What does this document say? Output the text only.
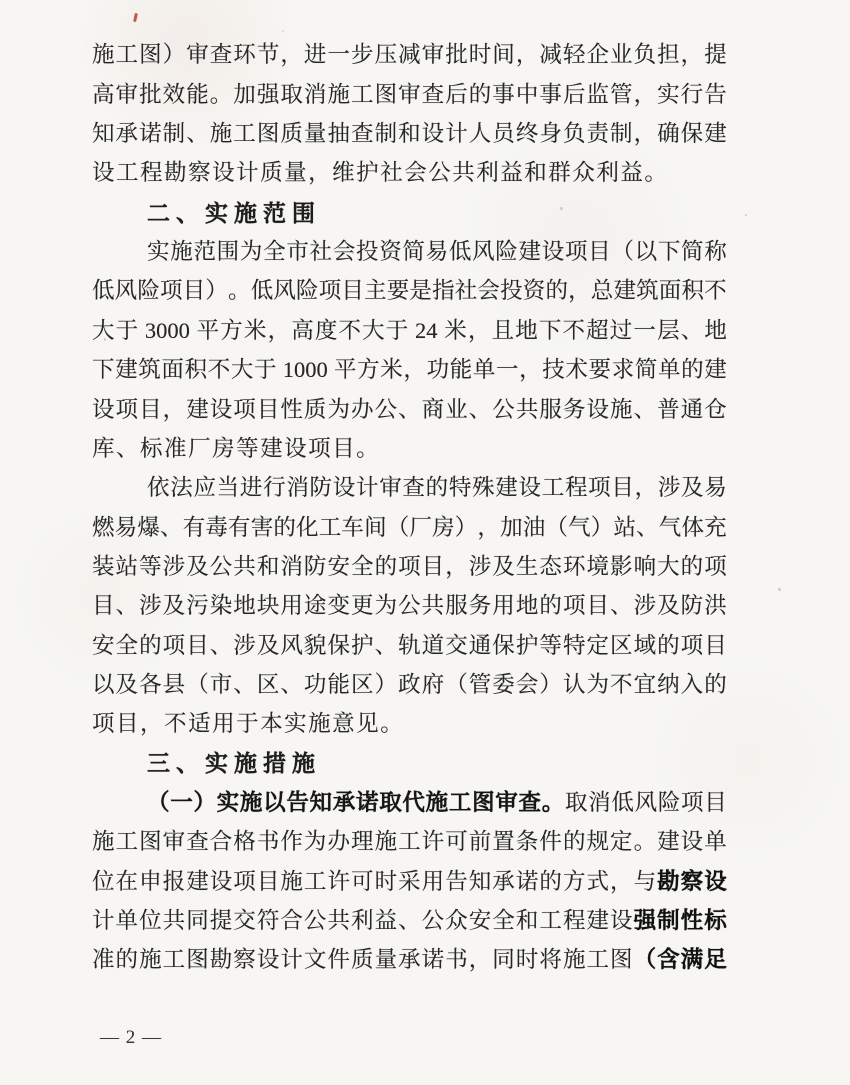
施 工 图 ） 审 查 环 节 ， 进 一 步 压 减 审 批 时 间 ， 减 轻 企 业 负 担 ， 提
高 审 批 效 能 。 加 强 取 消 施 工 图 审 查 后 的 事 中 事 后 监 管 ， 实 行 告
知 承 诺 制 、 施 工 图 质 量 抽 查 制 和 设 计 人 员 终 身 负 责 制 ， 确 保 建
设 工 程 勘 察 设 计 质 量 ， 维 护 社 会 公 共 利 益 和 群 众 利 益 。
二 、 实 施 范 围
实 施 范 围 为 全 市 社 会 投 资 简 易 低 风 险 建 设 项 目 （ 以 下 简 称
低 风 险 项 目 ） 。 低 风 险 项 目 主 要 是 指 社 会 投 资 的 ， 总 建 筑 面 积 不
大 于 3000 平 方 米 ， 高 度 不 大 于 24 米 ， 且 地 下 不 超 过 一 层 、 地
下 建 筑 面 积 不 大 于 1000 平 方 米 ， 功 能 单 一 ， 技 术 要 求 简 单 的 建
设 项 目 ， 建 设 项 目 性 质 为 办 公 、 商 业 、 公 共 服 务 设 施 、 普 通 仓
库 、 标 准 厂 房 等 建 设 项 目 。
依 法 应 当 进 行 消 防 设 计 审 查 的 特 殊 建 设 工 程 项 目 ， 涉 及 易
燃 易 爆 、 有 毒 有 害 的 化 工 车 间 （ 厂 房 ） ， 加 油 （ 气 ） 站 、 气 体 充
装 站 等 涉 及 公 共 和 消 防 安 全 的 项 目 ， 涉 及 生 态 环 境 影 响 大 的 项
目 、 涉 及 污 染 地 块 用 途 变 更 为 公 共 服 务 用 地 的 项 目 、 涉 及 防 洪
安 全 的 项 目 、 涉 及 风 貌 保 护 、 轨 道 交 通 保 护 等 特 定 区 域 的 项 目
以 及 各 县 （ 市 、 区 、 功 能 区 ） 政 府 （ 管 委 会 ） 认 为 不 宜 纳 入 的
项 目 ， 不 适 用 于 本 实 施 意 见 。
三 、 实 施 措 施
（ 一 ） 实 施 以 告 知 承 诺 取 代 施 工 图 审 查 。 取 消 低 风 险 项 目
施 工 图 审 查 合 格 书 作 为 办 理 施 工 许 可 前 置 条 件 的 规 定 。 建 设 单
位 在 申 报 建 设 项 目 施 工 许 可 时 采 用 告 知 承 诺 的 方 式 ， 与 勘 察 设
计 单 位 共 同 提 交 符 合 公 共 利 益 、 公 众 安 全 和 工 程 建 设 强 制 性 标
准 的 施 工 图 勘 察 设 计 文 件 质 量 承 诺 书 ， 同 时 将 施 工 图 （ 含 满 足
— 2 —
